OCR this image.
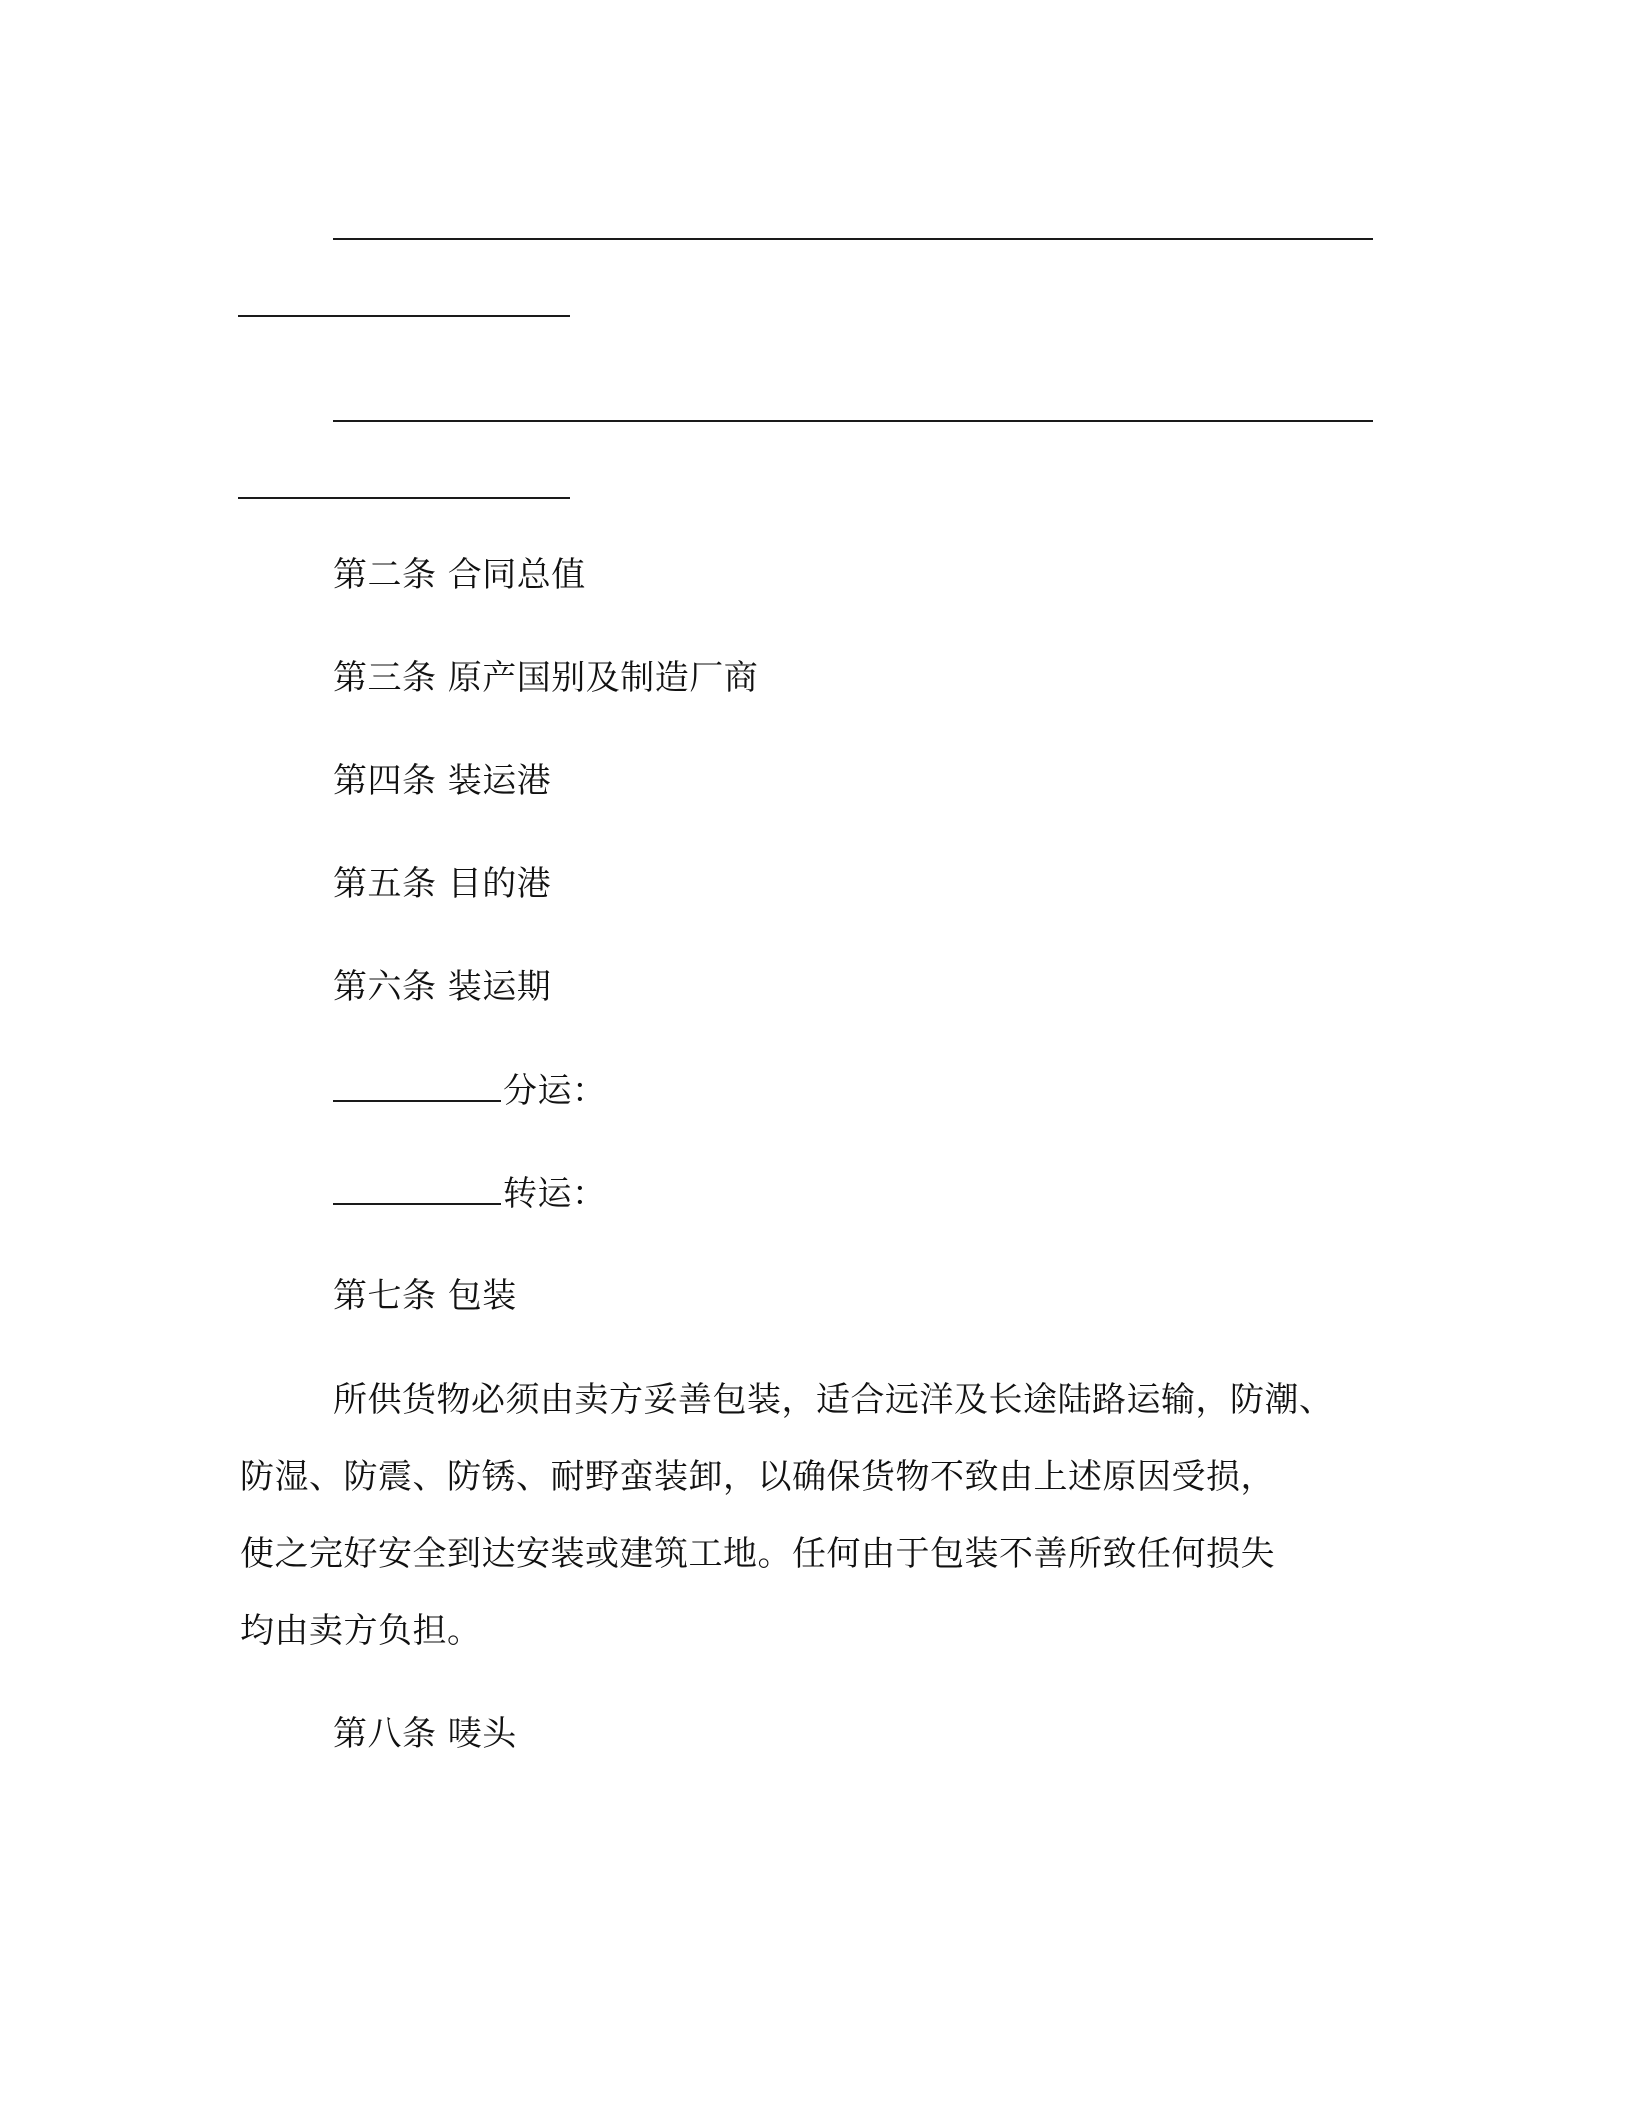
第二条 合同总值
第三条 原产国别及制造厂商
第四条 装运港
第五条 目的港
第六条 装运期
分运：
转运：
第七条 包装
所供货物必须由卖方妥善包装，适合远洋及长途陆路运输，防潮、
防湿、防震、防锈、耐野蛮装卸，以确保货物不致由上述原因受损，
使之完好安全到达安装或建筑工地。任何由于包装不善所致任何损失
均由卖方负担。
第八条 唛头
